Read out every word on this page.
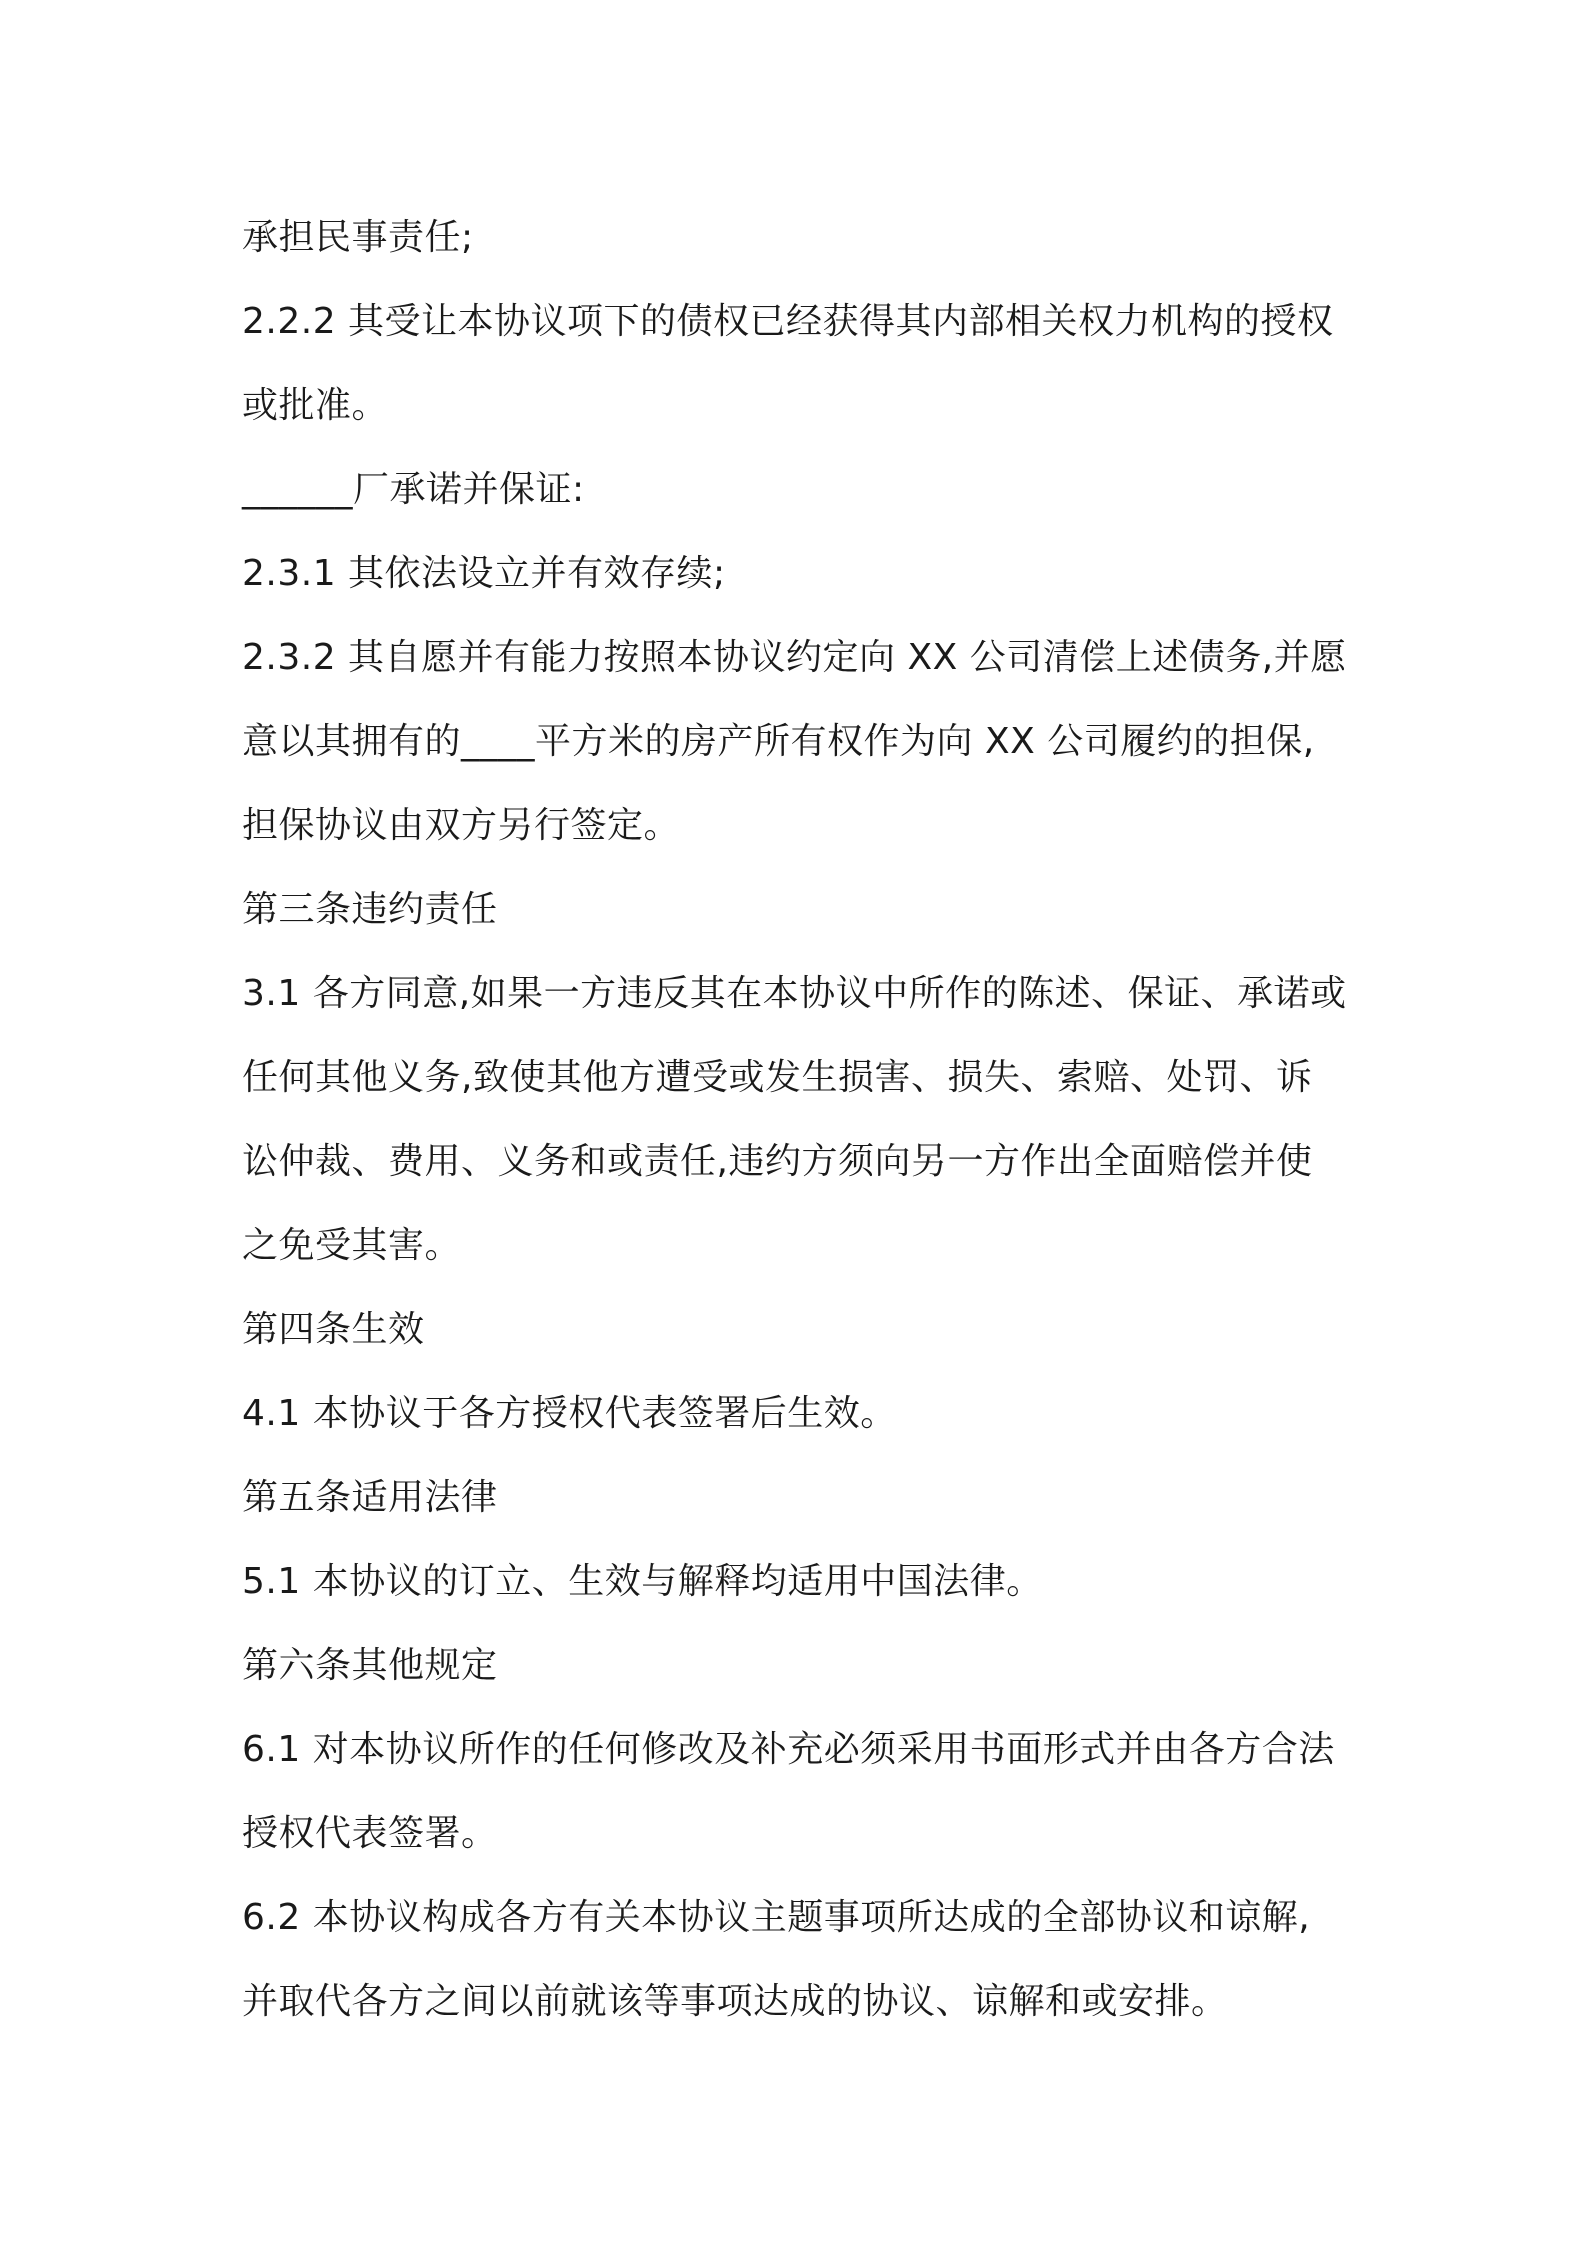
承担民事责任;

2.2.2 其受让本协议项下的债权已经获得其内部相关权力机构的授权

或批准。

______厂承诺并保证:

2.3.1 其依法设立并有效存续;

2.3.2 其自愿并有能力按照本协议约定向 XX 公司清偿上述债务,并愿

意以其拥有的____平方米的房产所有权作为向 XX 公司履约的担保,

担保协议由双方另行签定。

第三条违约责任

3.1 各方同意,如果一方违反其在本协议中所作的陈述、保证、承诺或

任何其他义务,致使其他方遭受或发生损害、损失、索赔、处罚、诉

讼仲裁、费用、义务和或责任,违约方须向另一方作出全面赔偿并使

之免受其害。

第四条生效

4.1 本协议于各方授权代表签署后生效。

第五条适用法律

5.1 本协议的订立、生效与解释均适用中国法律。

第六条其他规定

6.1 对本协议所作的任何修改及补充必须采用书面形式并由各方合法

授权代表签署。

6.2 本协议构成各方有关本协议主题事项所达成的全部协议和谅解,

并取代各方之间以前就该等事项达成的协议、谅解和或安排。
